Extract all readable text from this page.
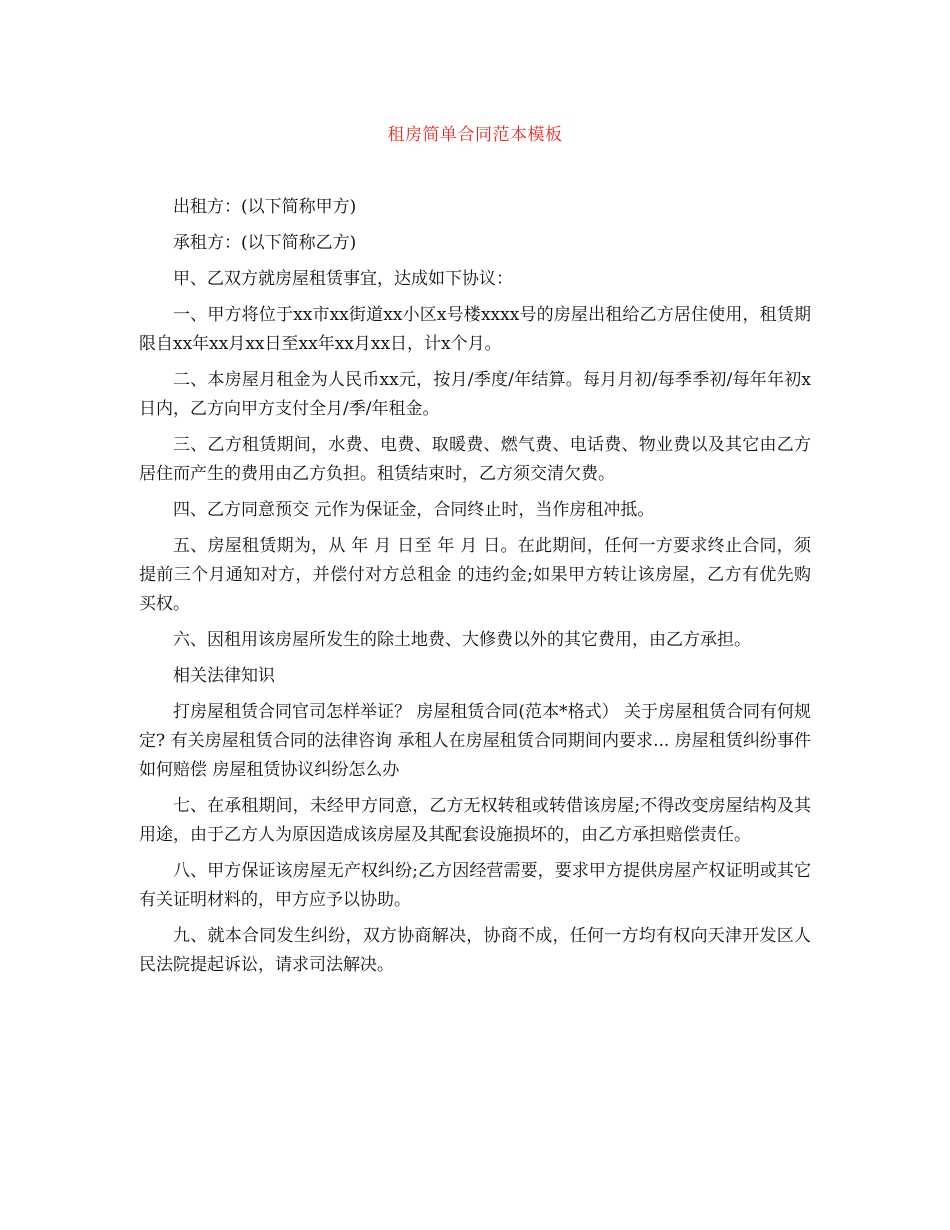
租房简单合同范本模板

出租方：(以下简称甲方)

承租方：(以下简称乙方)

甲、乙双方就房屋租赁事宜，达成如下协议：

一、甲方将位于xx市xx街道xx小区x号楼xxxx号的房屋出租给乙方居住使用，租赁期限自xx年xx月xx日至xx年xx月xx日，计x个月。

二、本房屋月租金为人民币xx元，按月/季度/年结算。每月月初/每季季初/每年年初x日内，乙方向甲方支付全月/季/年租金。

三、乙方租赁期间，水费、电费、取暖费、燃气费、电话费、物业费以及其它由乙方居住而产生的费用由乙方负担。租赁结束时，乙方须交清欠费。

四、乙方同意预交 元作为保证金，合同终止时，当作房租冲抵。

五、房屋租赁期为，从 年 月 日至 年 月 日。在此期间，任何一方要求终止合同，须提前三个月通知对方，并偿付对方总租金 的违约金;如果甲方转让该房屋，乙方有优先购买权。

六、因租用该房屋所发生的除土地费、大修费以外的其它费用，由乙方承担。

相关法律知识

打房屋租赁合同官司怎样举证？ 房屋租赁合同(范本*格式） 关于房屋租赁合同有何规定? 有关房屋租赁合同的法律咨询 承租人在房屋租赁合同期间内要求... 房屋租赁纠纷事件如何赔偿 房屋租赁协议纠纷怎么办

七、在承租期间，未经甲方同意，乙方无权转租或转借该房屋;不得改变房屋结构及其用途，由于乙方人为原因造成该房屋及其配套设施损坏的，由乙方承担赔偿责任。

八、甲方保证该房屋无产权纠纷;乙方因经营需要，要求甲方提供房屋产权证明或其它有关证明材料的，甲方应予以协助。

九、就本合同发生纠纷，双方协商解决，协商不成，任何一方均有权向天津开发区人民法院提起诉讼，请求司法解决。
